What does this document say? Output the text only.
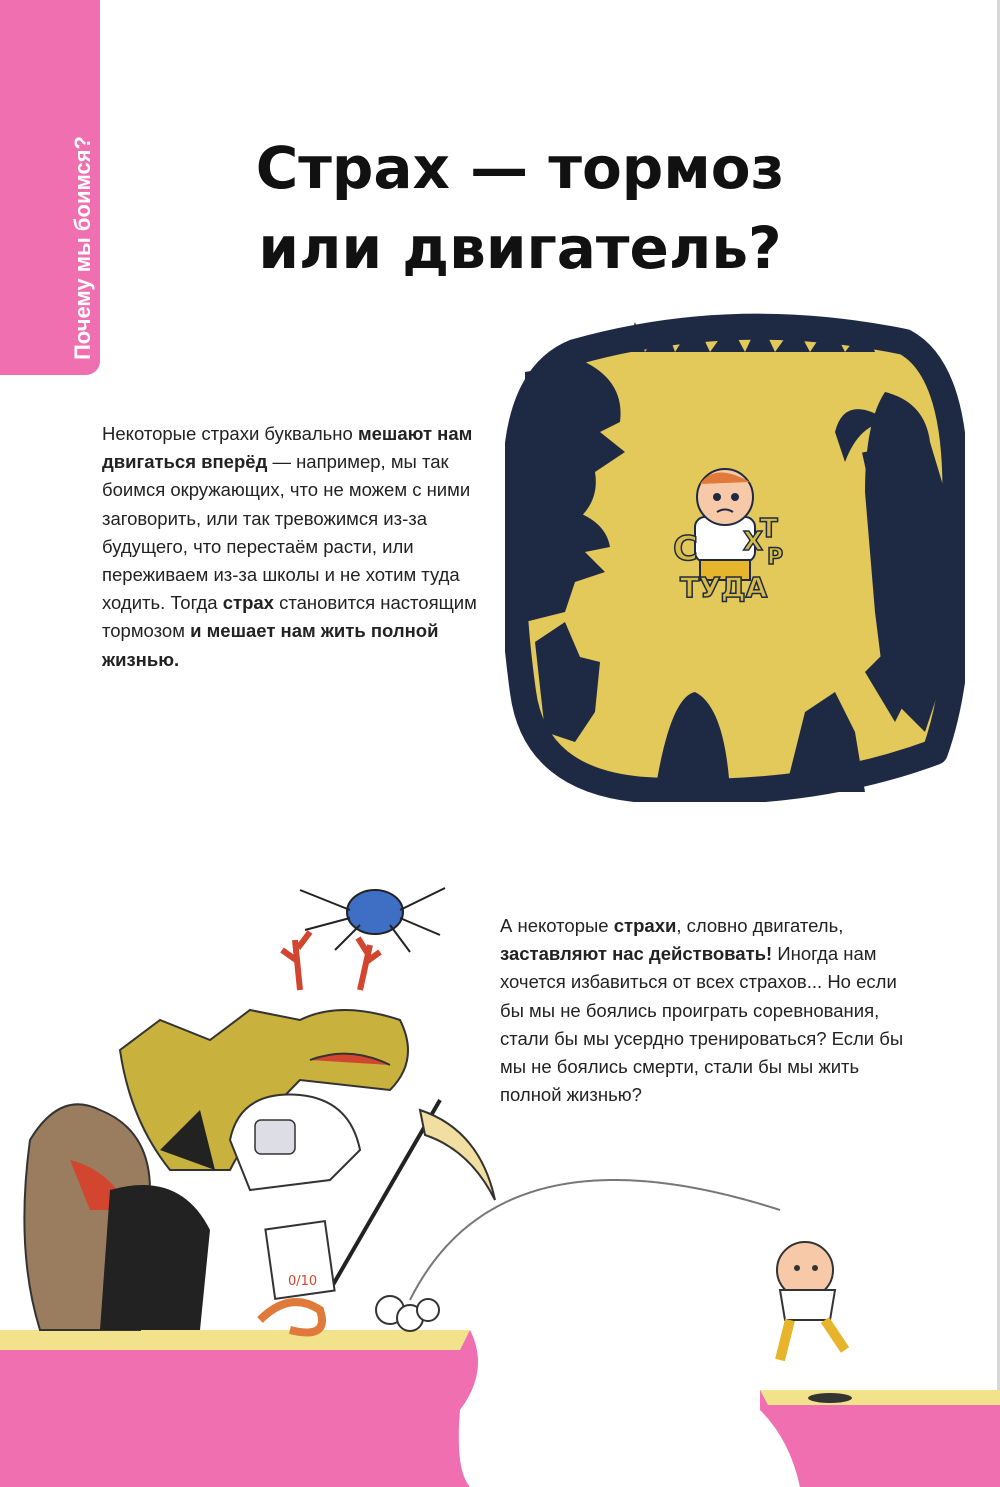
Почему мы боимся?	Страх — тормоз
или двигатель?

Некоторые страхи буквально мешают нам двигаться вперёд — например, мы так боимся окружающих, что не можем с ними заговорить, или так тревожимся из-за будущего, что перестаём расти, или переживаем из-за школы и не хотим туда ходить. Тогда страх становится настоящим тормозом и мешает нам жить полной жизнью.

А некоторые страхи, словно двигатель, заставляют нас действовать! Иногда нам хочется избавиться от всех страхов... Но если бы мы не боялись проиграть соревнования, стали бы мы усердно тренироваться? Если бы мы не боялись смерти, стали бы мы жить полной жизнью?

С Т
Р
Х
ТУДА
0/10
